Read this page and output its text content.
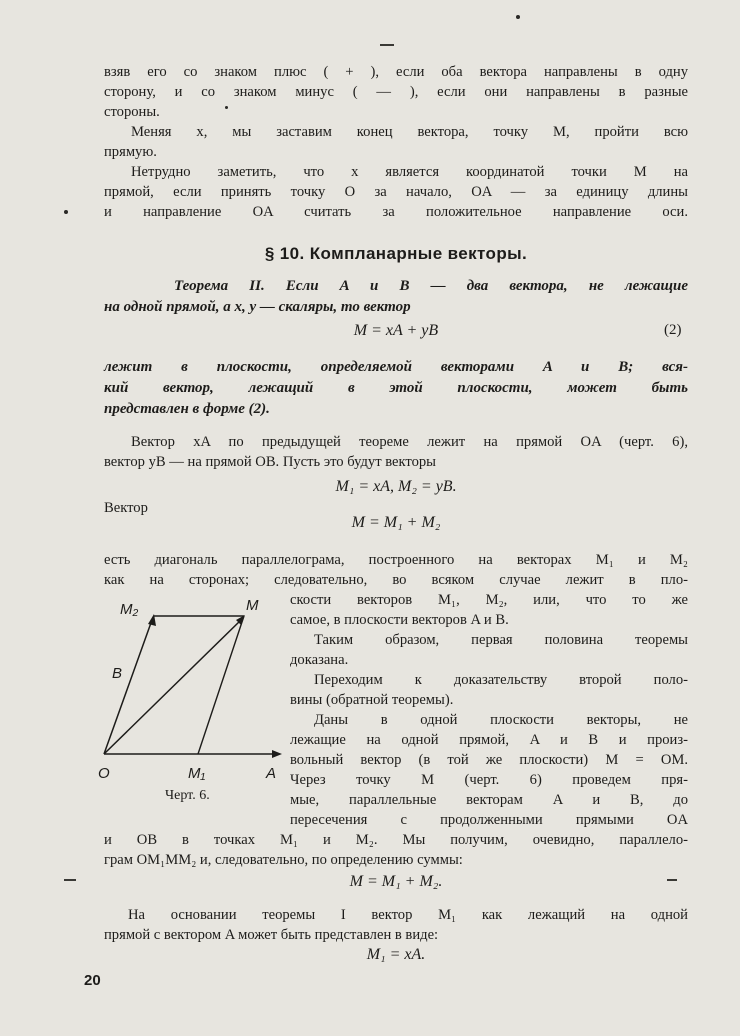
взяв его со знаком плюс ( + ), если оба вектора направлены в одну
сторону, и со знаком минус ( — ), если они направлены в разные
стороны.
Меняя x, мы заставим конец вектора, точку M, пройти всю
прямую.
Нетрудно заметить, что x является координатой точки M на
прямой, если принять точку O за начало, OA — за единицу длины
и направление OA считать за положительное направление оси.
§ 10. Компланарные векторы.
Теорема II. Если A и B — два вектора, не лежащие
на одной прямой, а x, y — скаляры, то вектор
M = xA + yB	(2)
лежит в плоскости, определяемой векторами A и B; вся-
кий вектор, лежащий в этой плоскости, может быть
представлен в форме (2).
Вектор xA по предыдущей теореме лежит на прямой OA (черт. 6),
вектор yB — на прямой OB. Пусть это будут векторы
M₁ = xA, M₂ = yB.
Вектор
M = M₁ + M₂
есть диагональ параллелограма, построенного на векторах M₁ и M₂
как на сторонах; следовательно, во всяком случае лежит в пло-
скости векторов M₁, M₂, или, что то же
самое, в плоскости векторов A и B.
Таким образом, первая половина теоремы
доказана.
Переходим к доказательству второй поло-
вины (обратной теоремы).
Даны в одной плоскости векторы, не
лежащие на одной прямой, A и B и произ-
вольный вектор (в той же плоскости) M = OM.
Через точку M (черт. 6) проведем пря-
мые, параллельные векторам A и B, до
пересечения с продолженными прямыми OA
O	M₁	A
B
M₂	M
Черт. 6.
и OB в точках M₁ и M₂. Мы получим, очевидно, параллело-
грам OM₁MM₂ и, следовательно, по определению суммы:
M = M₁ + M₂.
На основании теоремы I вектор M₁ как лежащий на одной
прямой с вектором A может быть представлен в виде:
M₁ = xA.
20
